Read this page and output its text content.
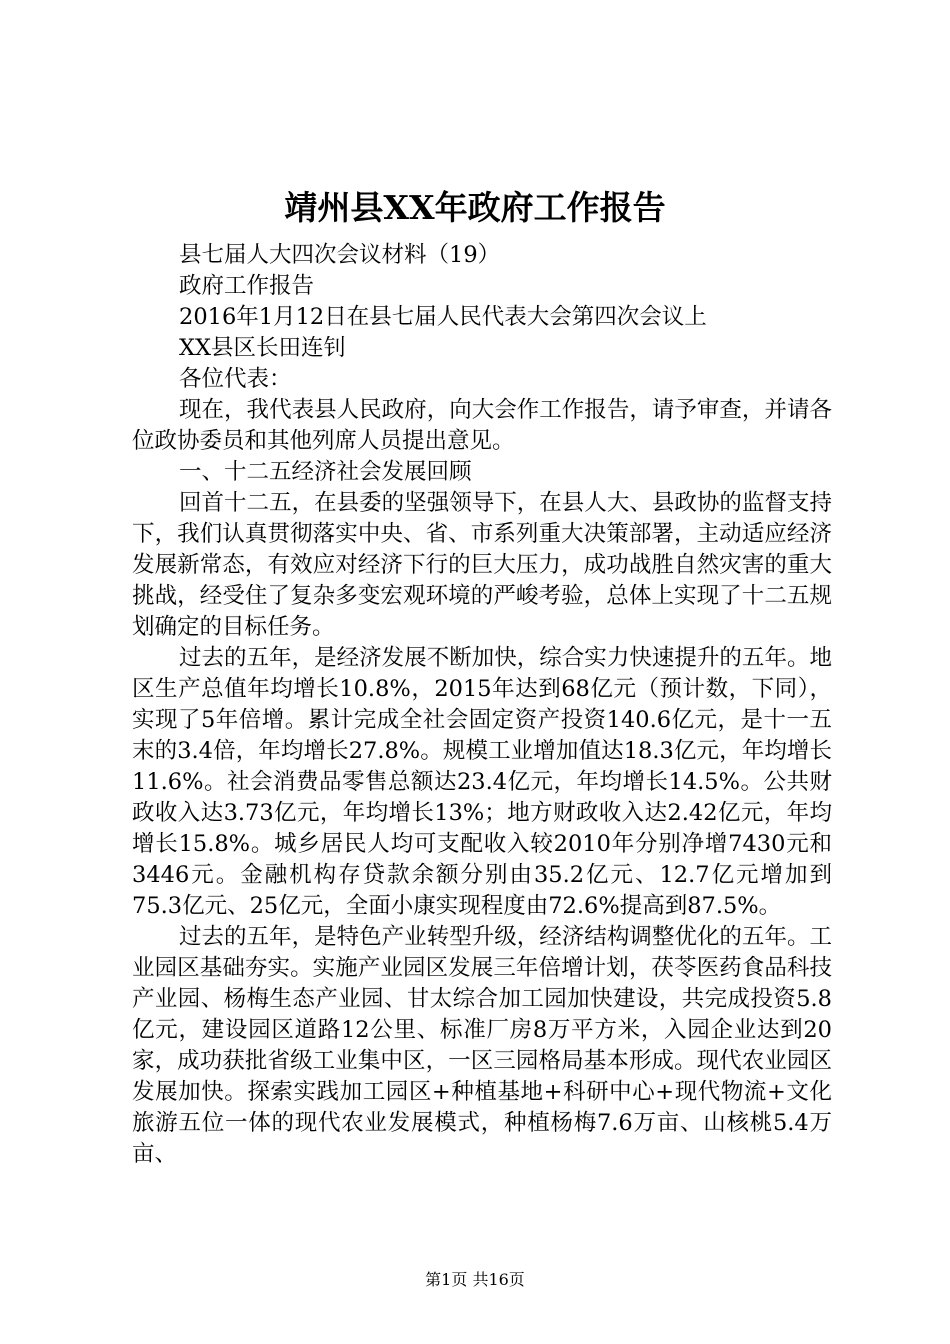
靖州县XX年政府工作报告

县七届人大四次会议材料（19）

政府工作报告

2016年1月12日在县七届人民代表大会第四次会议上

XX县区长田连钊

各位代表：

现在，我代表县人民政府，向大会作工作报告，请予审查，并请各位政协委员和其他列席人员提出意见。

一、十二五经济社会发展回顾

回首十二五，在县委的坚强领导下，在县人大、县政协的监督支持下，我们认真贯彻落实中央、省、市系列重大决策部署，主动适应经济发展新常态，有效应对经济下行的巨大压力，成功战胜自然灾害的重大挑战，经受住了复杂多变宏观环境的严峻考验，总体上实现了十二五规划确定的目标任务。

过去的五年，是经济发展不断加快，综合实力快速提升的五年。地区生产总值年均增长10.8%，2015年达到68亿元（预计数，下同），实现了5年倍增。累计完成全社会固定资产投资140.6亿元，是十一五末的3.4倍，年均增长27.8%。规模工业增加值达18.3亿元，年均增长11.6%。社会消费品零售总额达23.4亿元，年均增长14.5%。公共财政收入达3.73亿元，年均增长13%；地方财政收入达2.42亿元，年均增长15.8%。城乡居民人均可支配收入较2010年分别净增7430元和3446元。金融机构存贷款余额分别由35.2亿元、12.7亿元增加到75.3亿元、25亿元，全面小康实现程度由72.6%提高到87.5%。

过去的五年，是特色产业转型升级，经济结构调整优化的五年。工业园区基础夯实。实施产业园区发展三年倍增计划，茯苓医药食品科技产业园、杨梅生态产业园、甘太综合加工园加快建设，共完成投资5.8亿元，建设园区道路12公里、标准厂房8万平方米，入园企业达到20家，成功获批省级工业集中区，一区三园格局基本形成。现代农业园区发展加快。探索实践加工园区+种植基地+科研中心+现代物流+文化旅游五位一体的现代农业发展模式，种植杨梅7.6万亩、山核桃5.4万亩、

第1页 共16页
